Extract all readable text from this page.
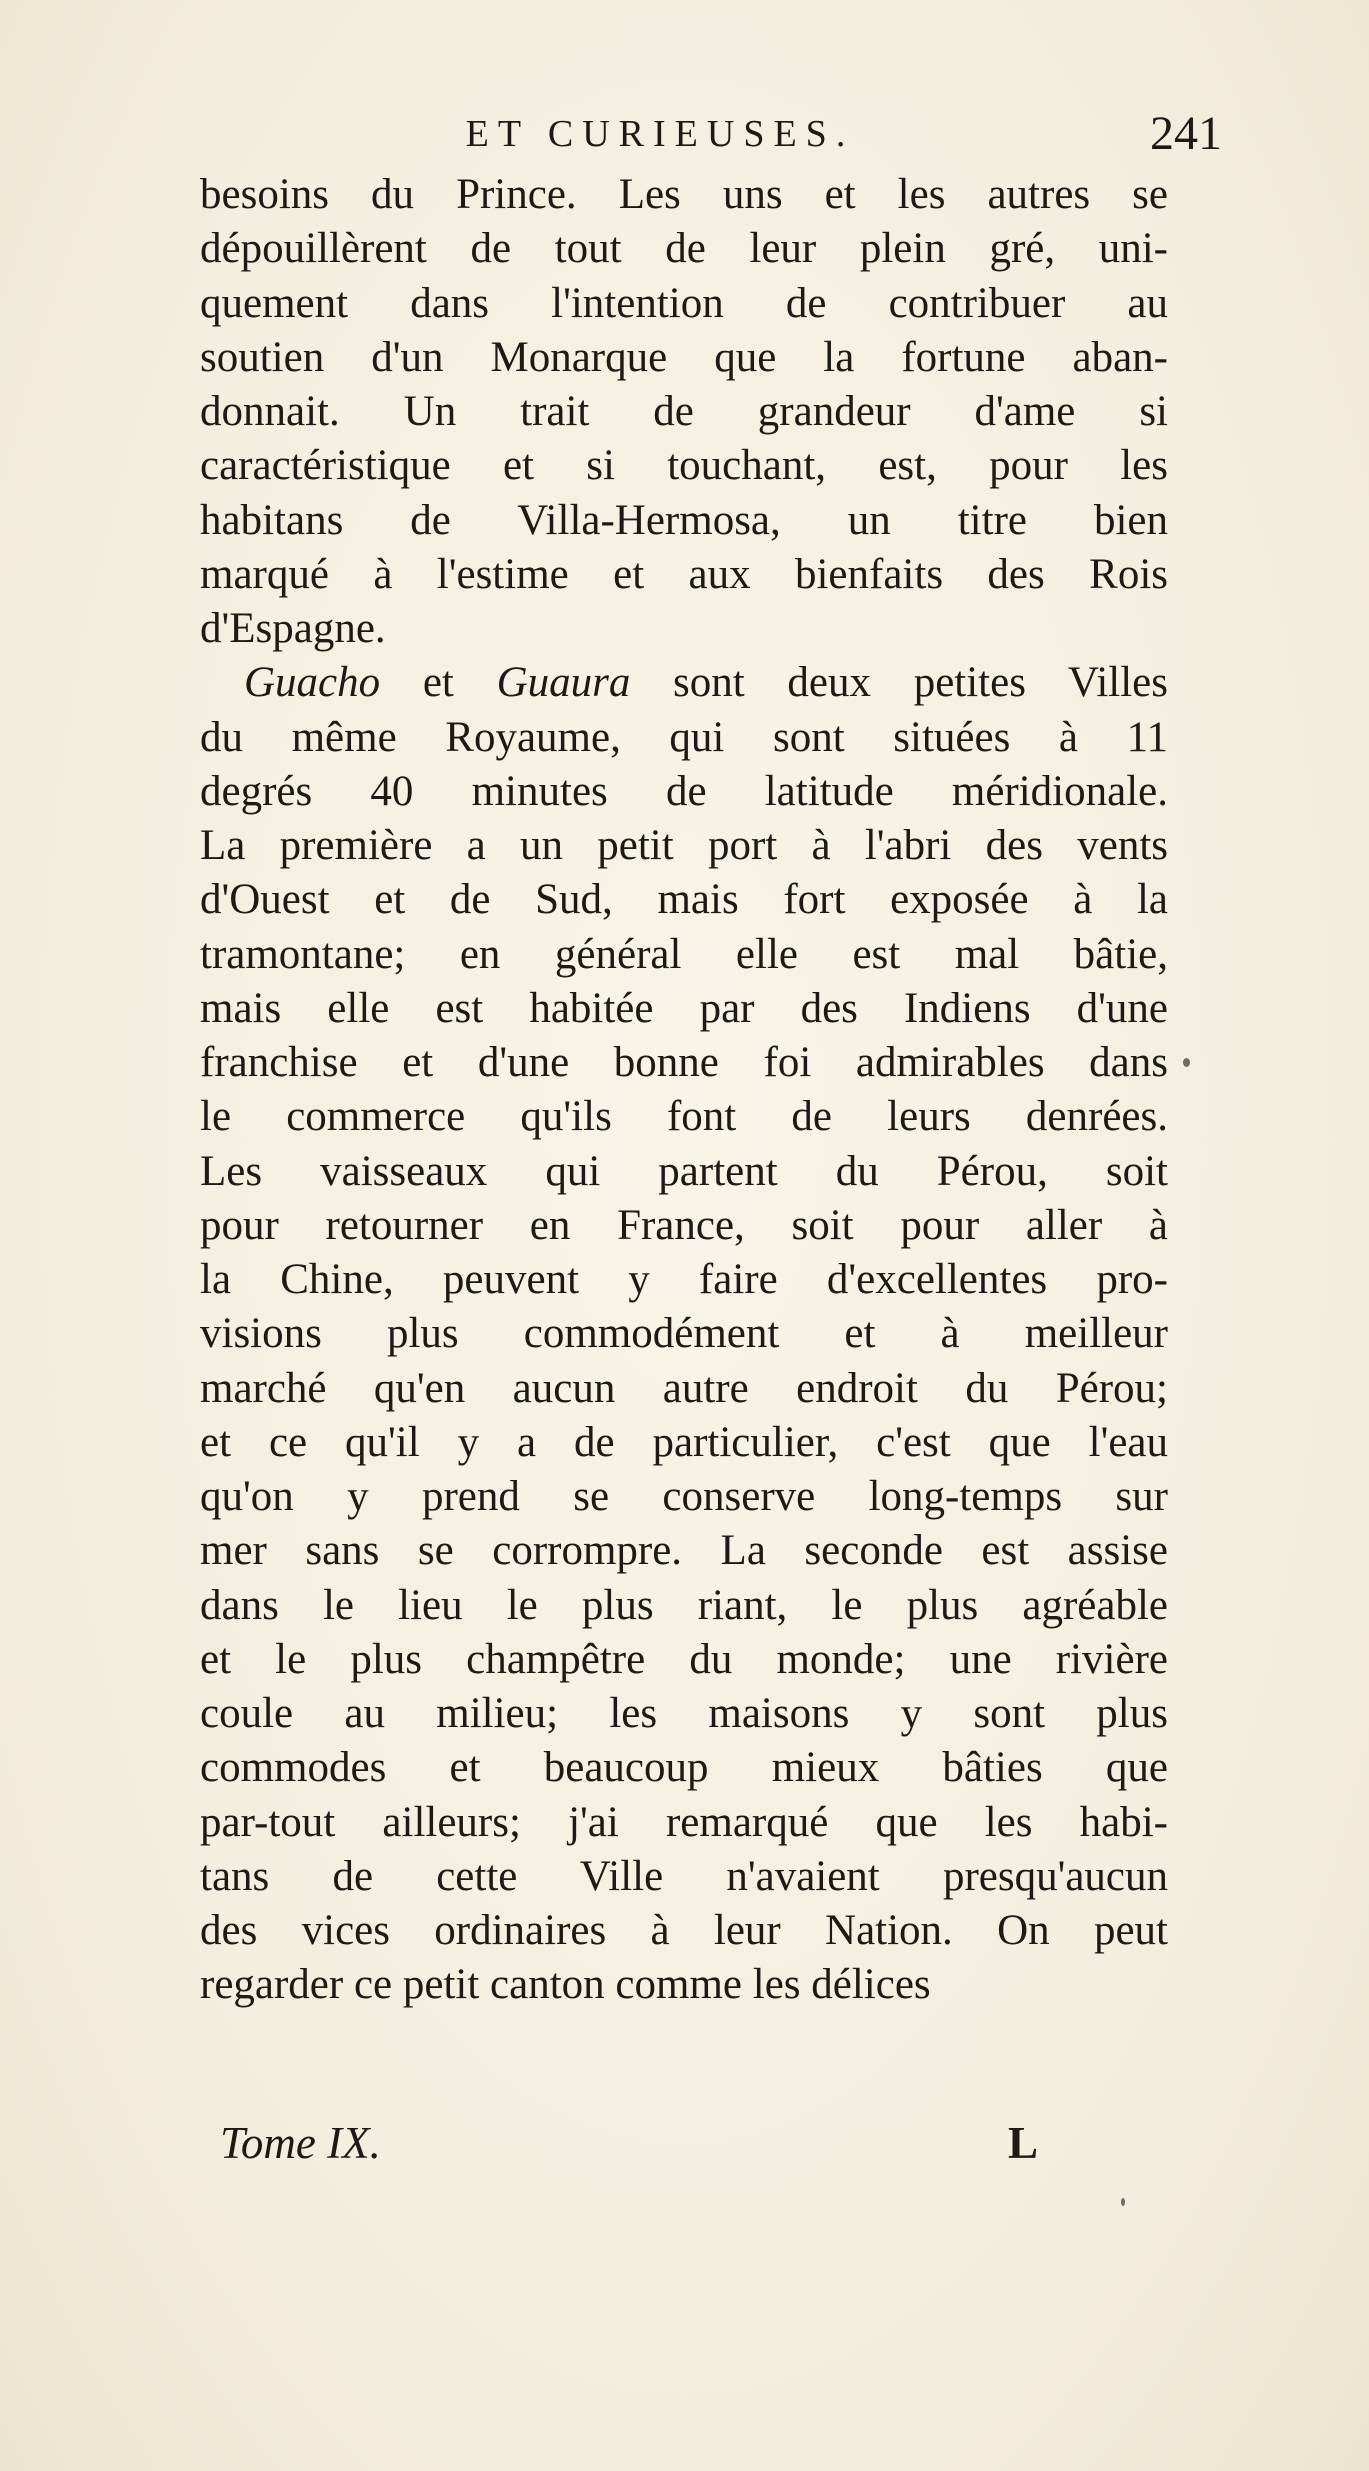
ET CURIEUSES.	241
besoins du Prince. Les uns et les autres se
dépouillèrent de tout de leur plein gré, uni-
quement dans l'intention de contribuer au
soutien d'un Monarque que la fortune aban-
donnait. Un trait de grandeur d'ame si
caractéristique et si touchant, est, pour les
habitans de Villa-Hermosa, un titre bien
marqué à l'estime et aux bienfaits des Rois
d'Espagne.
Guacho et Guaura sont deux petites Villes
du même Royaume, qui sont situées à 11
degrés 40 minutes de latitude méridionale.
La première a un petit port à l'abri des vents
d'Ouest et de Sud, mais fort exposée à la
tramontane; en général elle est mal bâtie,
mais elle est habitée par des Indiens d'une
franchise et d'une bonne foi admirables dans
le commerce qu'ils font de leurs denrées.
Les vaisseaux qui partent du Pérou, soit
pour retourner en France, soit pour aller à
la Chine, peuvent y faire d'excellentes pro-
visions plus commodément et à meilleur
marché qu'en aucun autre endroit du Pérou;
et ce qu'il y a de particulier, c'est que l'eau
qu'on y prend se conserve long-temps sur
mer sans se corrompre. La seconde est assise
dans le lieu le plus riant, le plus agréable
et le plus champêtre du monde; une rivière
coule au milieu; les maisons y sont plus
commodes et beaucoup mieux bâties que
par-tout ailleurs; j'ai remarqué que les habi-
tans de cette Ville n'avaient presqu'aucun
des vices ordinaires à leur Nation. On peut
regarder ce petit canton comme les délices
Tome IX.	L
